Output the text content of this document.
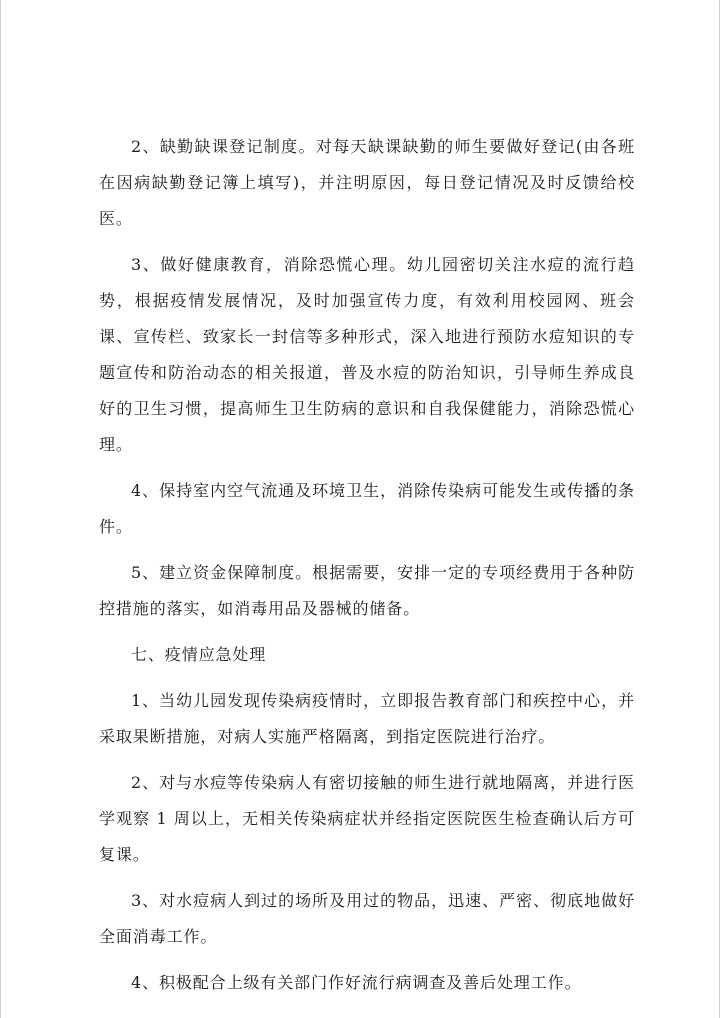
2、缺勤缺课登记制度。对每天缺课缺勤的师生要做好登记(由各班在因病缺勤登记簿上填写)，并注明原因，每日登记情况及时反馈给校医。

3、做好健康教育，消除恐慌心理。幼儿园密切关注水痘的流行趋势，根据疫情发展情况，及时加强宣传力度，有效利用校园网、班会课、宣传栏、致家长一封信等多种形式，深入地进行预防水痘知识的专题宣传和防治动态的相关报道，普及水痘的防治知识，引导师生养成良好的卫生习惯，提高师生卫生防病的意识和自我保健能力，消除恐慌心理。

4、保持室内空气流通及环境卫生，消除传染病可能发生或传播的条件。

5、建立资金保障制度。根据需要，安排一定的专项经费用于各种防控措施的落实，如消毒用品及器械的储备。

七、疫情应急处理

1、当幼儿园发现传染病疫情时，立即报告教育部门和疾控中心，并采取果断措施，对病人实施严格隔离，到指定医院进行治疗。

2、对与水痘等传染病人有密切接触的师生进行就地隔离，并进行医学观察 1 周以上，无相关传染病症状并经指定医院医生检查确认后方可复课。

3、对水痘病人到过的场所及用过的物品，迅速、严密、彻底地做好全面消毒工作。

4、积极配合上级有关部门作好流行病调查及善后处理工作。
